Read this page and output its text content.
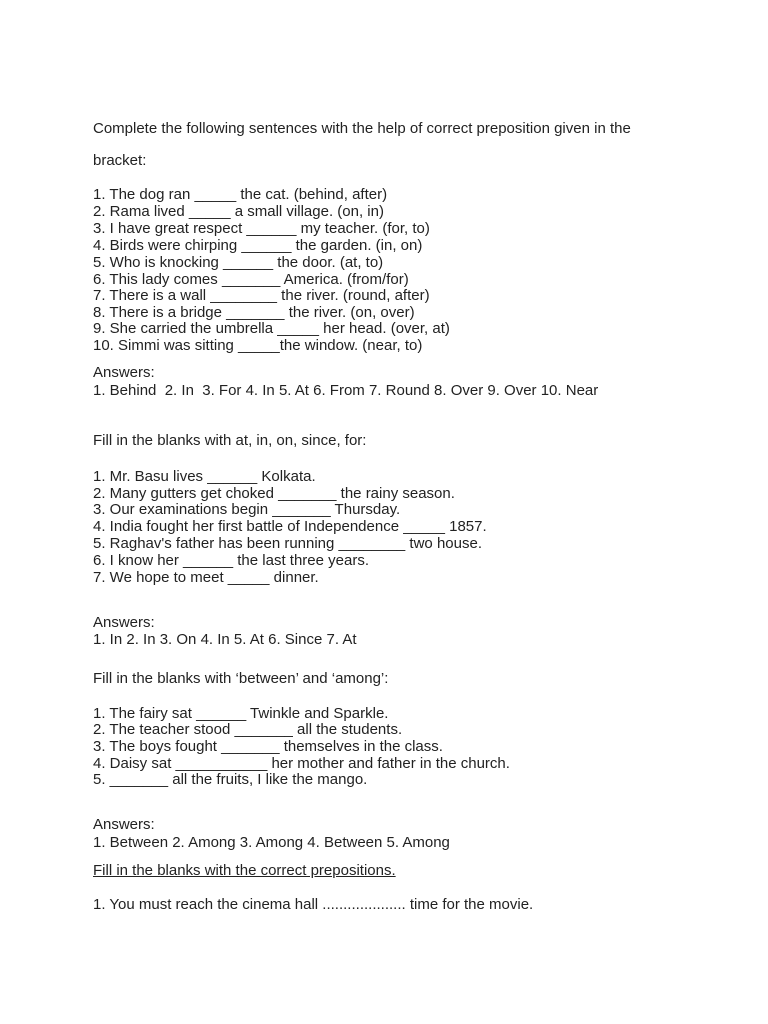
Complete the following sentences with the help of correct preposition given in the

bracket:

1. The dog ran _____ the cat. (behind, after)

2. Rama lived _____ a small village. (on, in)

3. I have great respect ______ my teacher. (for, to)

4. Birds were chirping ______ the garden. (in, on)

5. Who is knocking ______ the door. (at, to)

6. This lady comes _______ America. (from/for)

7. There is a wall ________ the river. (round, after)

8. There is a bridge _______ the river. (on, over)

9. She carried the umbrella _____ her head. (over, at)

10. Simmi was sitting _____the window. (near, to)

Answers:

1. Behind  2. In  3. For 4. In 5. At 6. From 7. Round 8. Over 9. Over 10. Near

Fill in the blanks with at, in, on, since, for:

1. Mr. Basu lives ______ Kolkata.

2. Many gutters get choked _______ the rainy season.

3. Our examinations begin _______ Thursday.

4. India fought her first battle of Independence _____ 1857.

5. Raghav's father has been running ________ two house.

6. I know her ______ the last three years.

7. We hope to meet _____ dinner.

Answers:

1. In 2. In 3. On 4. In 5. At 6. Since 7. At

Fill in the blanks with ‘between’ and ‘among’:

1. The fairy sat ______ Twinkle and Sparkle.

2. The teacher stood _______ all the students.

3. The boys fought _______ themselves in the class.

4. Daisy sat ___________ her mother and father in the church.

5. _______ all the fruits, I like the mango.

Answers:

1. Between 2. Among 3. Among 4. Between 5. Among

Fill in the blanks with the correct prepositions.

1. You must reach the cinema hall .................... time for the movie.
